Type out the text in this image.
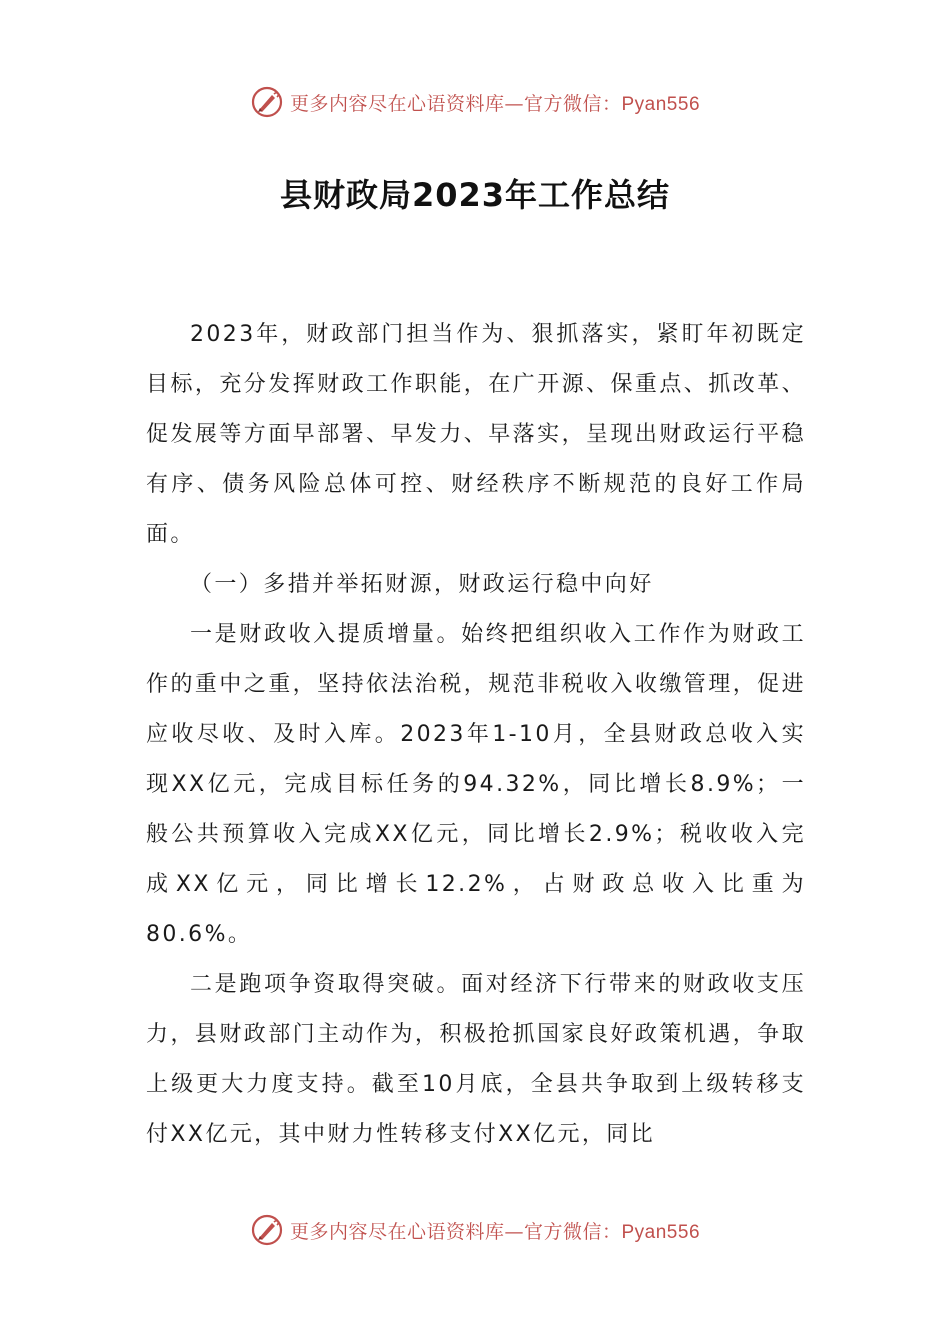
更多内容尽在心语资料库—官方微信：Pyan556
县财政局2023年工作总结

2023年，财政部门担当作为、狠抓落实，紧盯年初既定目标，充分发挥财政工作职能，在广开源、保重点、抓改革、促发展等方面早部署、早发力、早落实，呈现出财政运行平稳有序、债务风险总体可控、财经秩序不断规范的良好工作局面。

（一）多措并举拓财源，财政运行稳中向好

一是财政收入提质增量。始终把组织收入工作作为财政工作的重中之重，坚持依法治税，规范非税收入收缴管理，促进应收尽收、及时入库。2023年1-10月，全县财政总收入实现XX亿元，完成目标任务的94.32%，同比增长8.9%；一般公共预算收入完成XX亿元，同比增长2.9%；税收收入完成XX亿元，同比增长12.2%，占财政总收入比重为80.6%。

二是跑项争资取得突破。面对经济下行带来的财政收支压力，县财政部门主动作为，积极抢抓国家良好政策机遇，争取上级更大力度支持。截至10月底，全县共争取到上级转移支付XX亿元，其中财力性转移支付XX亿元，同比

更多内容尽在心语资料库—官方微信：Pyan556
